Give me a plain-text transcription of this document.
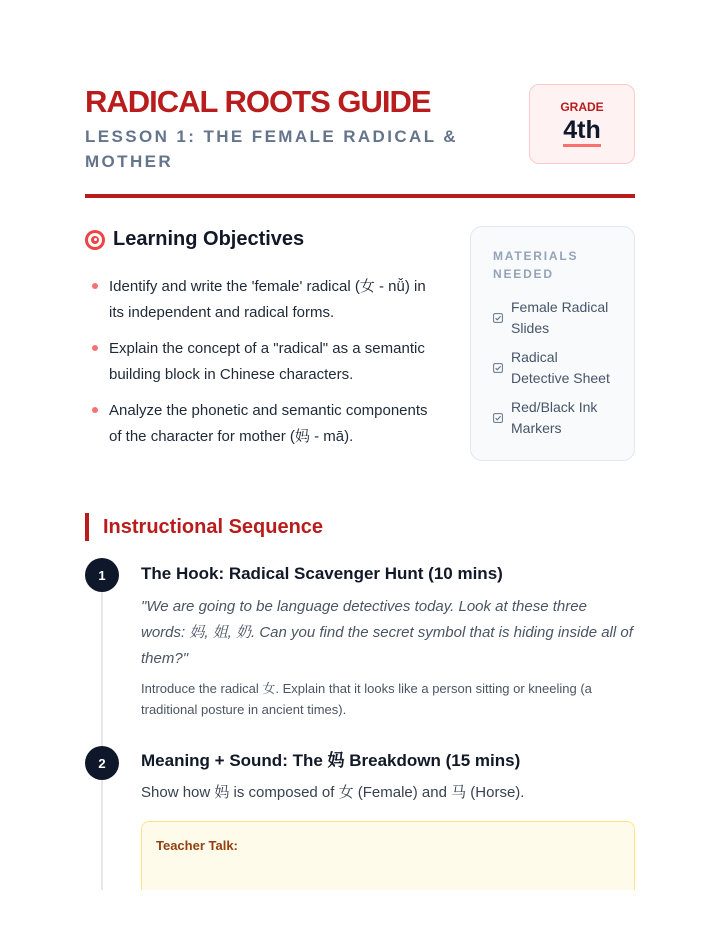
RADICAL ROOTS GUIDE
LESSON 1: THE FEMALE RADICAL & MOTHER
GRADE
4th
Learning Objectives
Identify and write the 'female' radical (女 - nǚ) in its independent and radical forms.
Explain the concept of a "radical" as a semantic building block in Chinese characters.
Analyze the phonetic and semantic components of the character for mother (妈 - mā).
MATERIALS NEEDED
Female Radical Slides
Radical Detective Sheet
Red/Black Ink Markers
Instructional Sequence
1	The Hook: Radical Scavenger Hunt (10 mins)
"We are going to be language detectives today. Look at these three words: 妈, 姐, 奶. Can you find the secret symbol that is hiding inside all of them?"
Introduce the radical 女. Explain that it looks like a person sitting or kneeling (a traditional posture in ancient times).
2	Meaning + Sound: The 妈 Breakdown (15 mins)
Show how 妈 is composed of 女 (Female) and 马 (Horse).
Teacher Talk:
